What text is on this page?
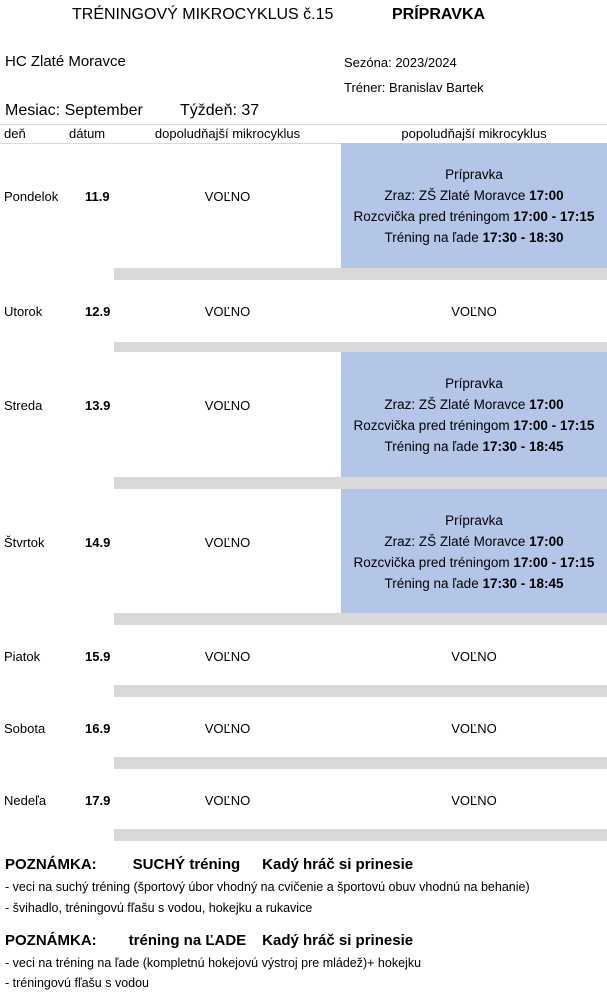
TRÉNINGOVÝ MIKROCYKLUS č.15	PRÍPRAVKA
HC Zlaté Moravce	Sezóna: 2023/2024
Tréner: Branislav Bartek
Mesiac: September Týždeň: 37
deň	dátum	dopoludňajší mikrocyklus	popoludňajší mikrocyklus
Pondelok 11.9	VOĽNO
Prípravka
Zraz: ZŠ Zlaté Moravce 17:00
Rozcvička pred tréningom 17:00 - 17:15
Tréning na ľade 17:30 - 18:30
Utorok	12.9	VOĽNO	VOĽNO
Streda	13.9	VOĽNO
Prípravka
Zraz: ZŠ Zlaté Moravce 17:00
Rozcvička pred tréningom 17:00 - 17:15
Tréning na ľade 17:30 - 18:45
Štvrtok	14.9	VOĽNO
Prípravka
Zraz: ZŠ Zlaté Moravce 17:00
Rozcvička pred tréningom 17:00 - 17:15
Tréning na ľade 17:30 - 18:45
Piatok	15.9	VOĽNO	VOĽNO
Sobota	16.9	VOĽNO	VOĽNO
Nedeľa	17.9	VOĽNO	VOĽNO
POZNÁMKA: SUCHÝ tréning Kadý hráč si prinesie
- veci na suchý tréning (športový úbor vhodný na cvičenie a športovú obuv vhodnú na behanie)
- švihadlo, tréningovú fľašu s vodou, hokejku a rukavice
POZNÁMKA: tréning na ĽADE Kadý hráč si prinesie
- veci na tréning na ľade (kompletnú hokejovú výstroj pre mládež)+ hokejku
- tréningovú fľašu s vodou
